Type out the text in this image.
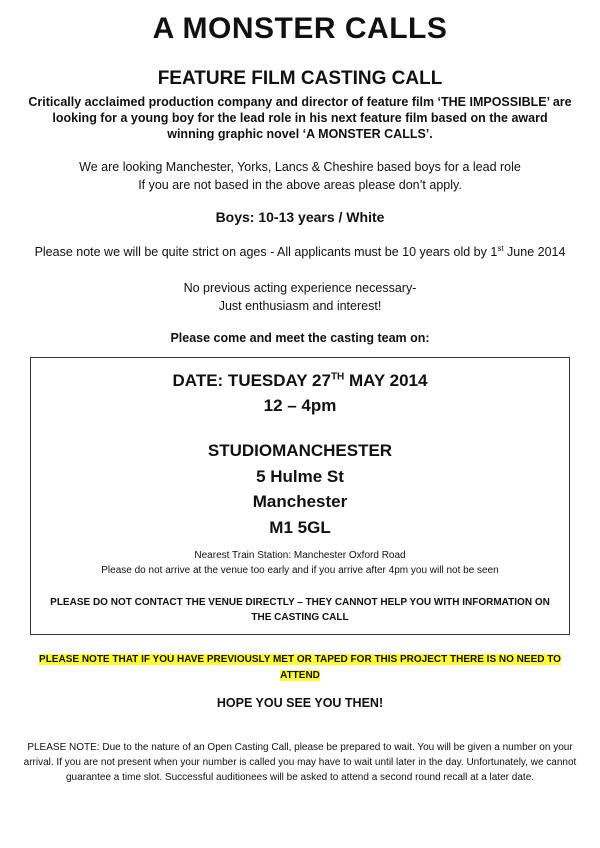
A MONSTER CALLS
FEATURE FILM CASTING CALL
Critically acclaimed production company and director of feature film ‘THE IMPOSSIBLE’ are looking for a young boy for the lead role in his next feature film based on the award winning graphic novel ‘A MONSTER CALLS’.
We are looking Manchester, Yorks, Lancs & Cheshire based boys for a lead role
If you are not based in the above areas please don’t apply.
Boys: 10-13 years / White
Please note we will be quite strict on ages - All applicants must be 10 years old by 1st June 2014
No previous acting experience necessary-
Just enthusiasm and interest!
Please come and meet the casting team on:
DATE: TUESDAY 27TH MAY 2014
12 – 4pm
STUDIOMANCHESTER
5 Hulme St
Manchester
M1 5GL
Nearest Train Station: Manchester Oxford Road
Please do not arrive at the venue too early and if you arrive after 4pm you will not be seen
PLEASE DO NOT CONTACT THE VENUE DIRECTLY – THEY CANNOT HELP YOU WITH INFORMATION ON THE CASTING CALL
PLEASE NOTE THAT IF YOU HAVE PREVIOUSLY MET OR TAPED FOR THIS PROJECT THERE IS NO NEED TO ATTEND
HOPE YOU SEE YOU THEN!
PLEASE NOTE: Due to the nature of an Open Casting Call, please be prepared to wait. You will be given a number on your arrival. If you are not present when your number is called you may have to wait until later in the day. Unfortunately, we cannot guarantee a time slot. Successful auditionees will be asked to attend a second round recall at a later date.
